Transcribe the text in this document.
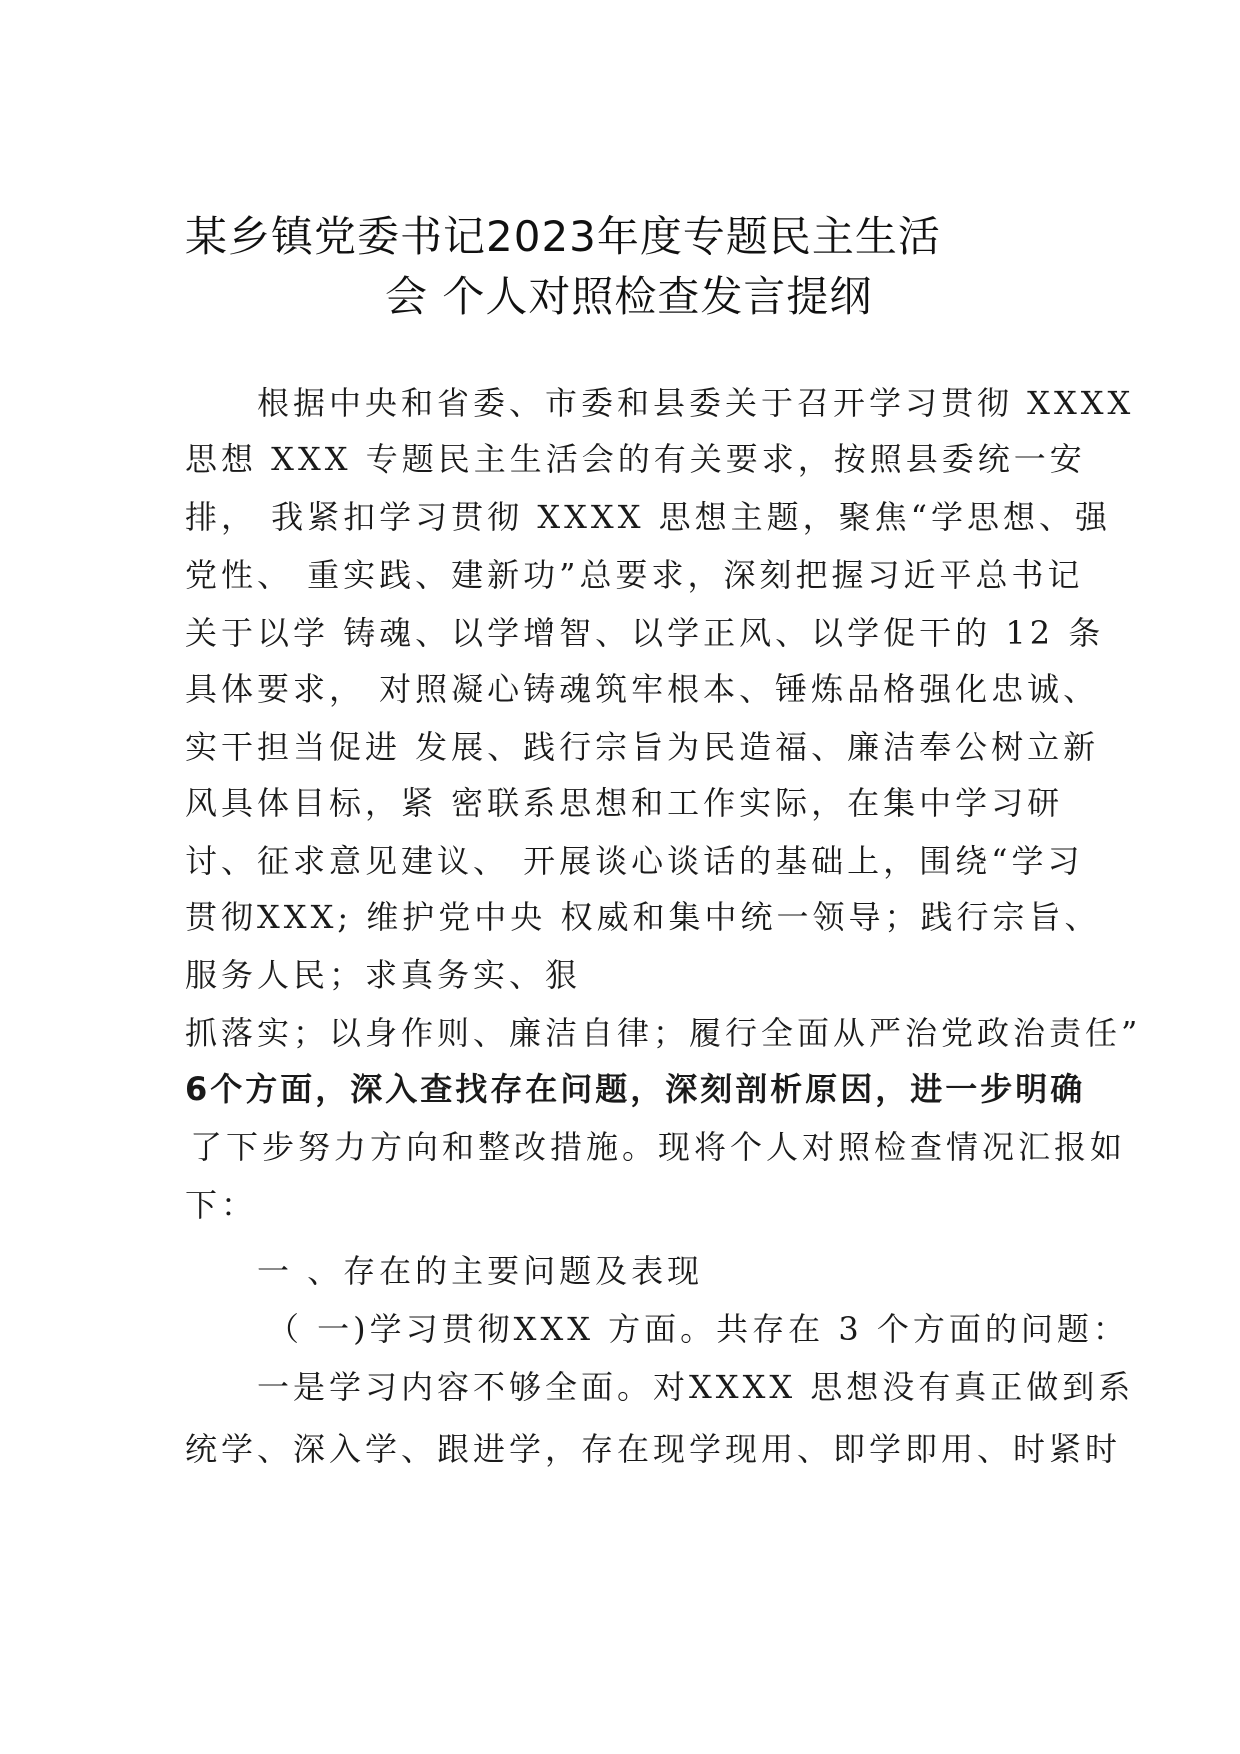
某乡镇党委书记2023年度专题民主生活
会 个人对照检查发言提纲
根据中央和省委、市委和县委关于召开学习贯彻 XXXX
思想 XXX 专题民主生活会的有关要求，按照县委统一安
排， 我紧扣学习贯彻 XXXX 思想主题，聚焦“学思想、强
党性、 重实践、建新功”总要求，深刻把握习近平总书记
关于以学 铸魂、以学增智、以学正风、以学促干的 12 条
具体要求， 对照凝心铸魂筑牢根本、锤炼品格强化忠诚、
实干担当促进 发展、践行宗旨为民造福、廉洁奉公树立新
风具体目标，紧 密联系思想和工作实际，在集中学习研
讨、征求意见建议、 开展谈心谈话的基础上，围绕“学习
贯彻XXX; 维护党中央 权威和集中统一领导；践行宗旨、
服务人民；求真务实、狠
抓落实；以身作则、廉洁自律；履行全面从严治党政治责任”
6个方面，深入查找存在问题，深刻剖析原因，进一步明确
了下步努力方向和整改措施。现将个人对照检查情况汇报如
下：
一 、存在的主要问题及表现
（ 一)学习贯彻XXX 方面。共存在 3 个方面的问题：
一是学习内容不够全面。对XXXX 思想没有真正做到系
统学、深入学、跟进学，存在现学现用、即学即用、时紧时
